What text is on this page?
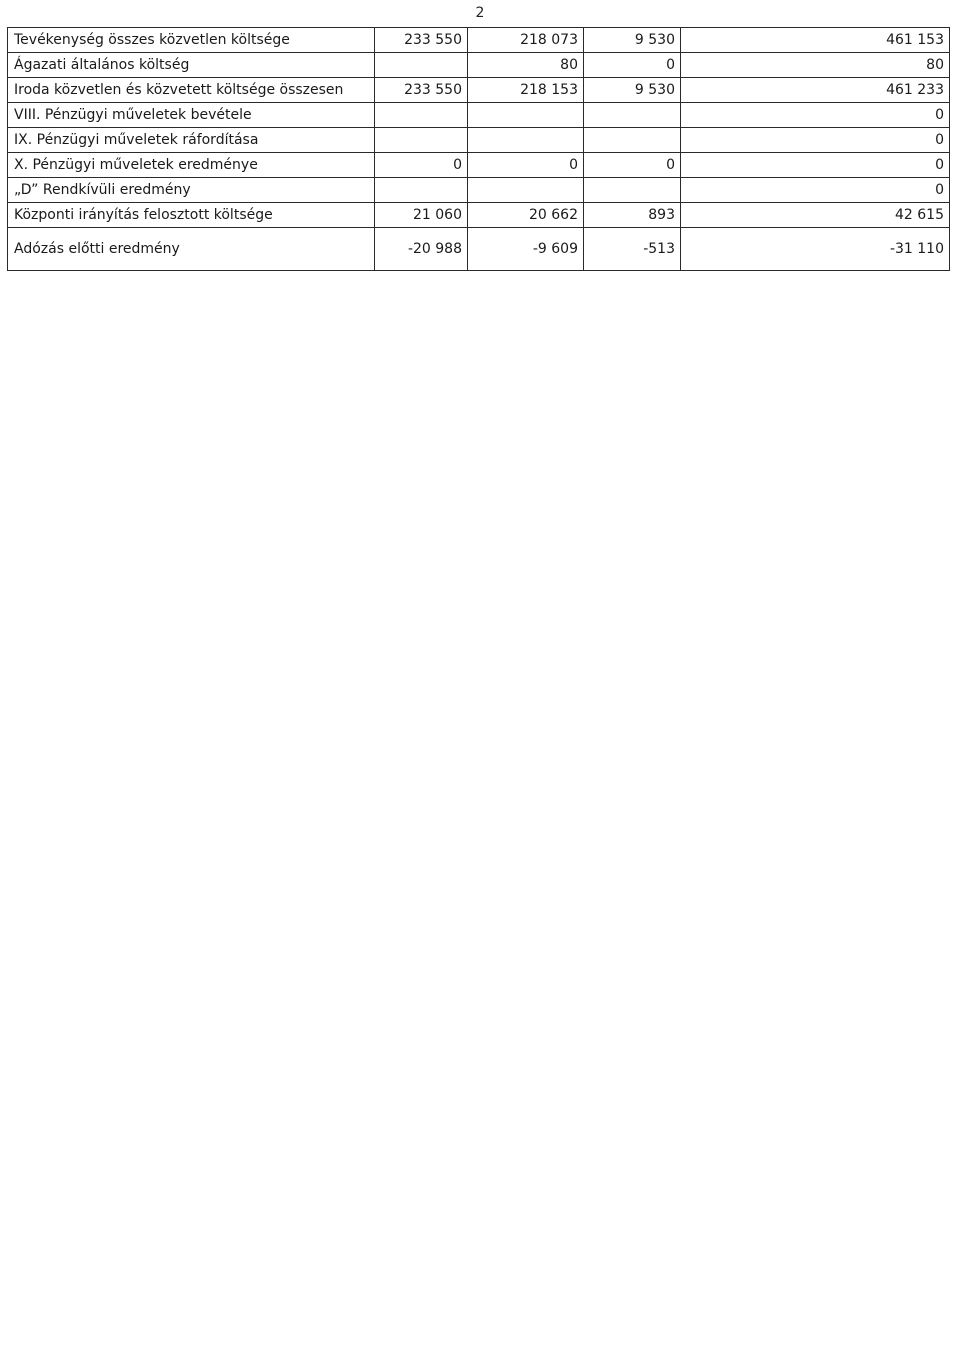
2
Tevékenység összes közvetlen költsége	233 550	218 073	9 530	461 153
Ágazati általános költség		80	0	80
Iroda közvetlen és közvetett költsége összesen	233 550	218 153	9 530	461 233
VIII. Pénzügyi műveletek bevétele				0
IX. Pénzügyi műveletek ráfordítása				0
X. Pénzügyi műveletek eredménye	0	0	0	0
„D” Rendkívüli eredmény				0
Központi irányítás felosztott költsége	21 060	20 662	893	42 615
Adózás előtti eredmény	-20 988	-9 609	-513	-31 110
